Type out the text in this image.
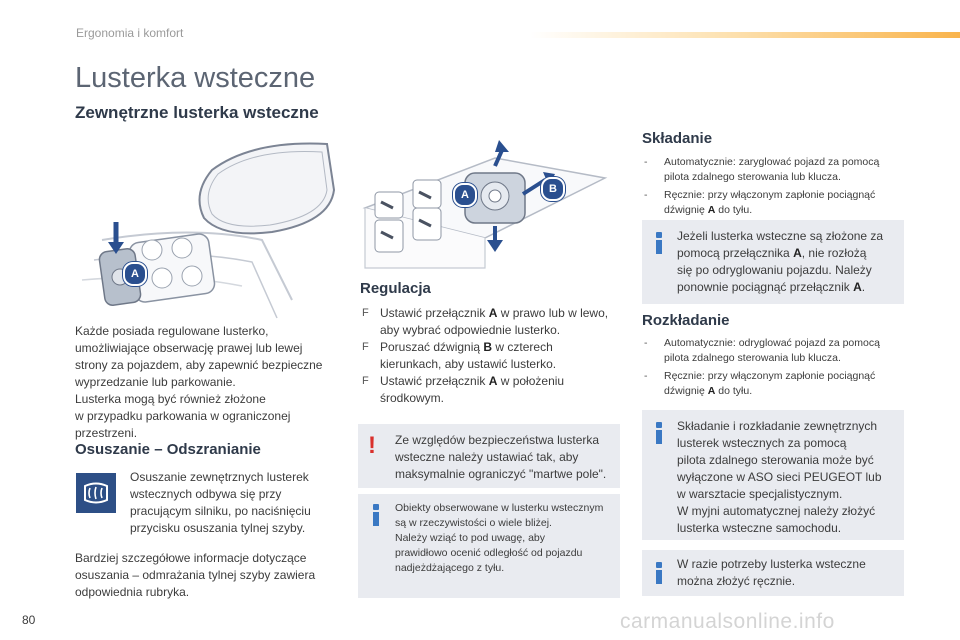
Ergonomia i komfort
Lusterka wsteczne
Zewnętrzne lusterka wsteczne
A
Każde posiada regulowane lusterko,
umożliwiające obserwację prawej lub lewej
strony za pojazdem, aby zapewnić bezpieczne
wyprzedzanie lub parkowanie.
Lusterka mogą być również złożone
w przypadku parkowania w ograniczonej
przestrzeni.
Osuszanie – Odszranianie
Osuszanie zewnętrznych lusterek
wstecznych odbywa się przy
pracującym silniku, po naciśnięciu
przycisku osuszania tylnej szyby.
Bardziej szczegółowe informacje dotyczące
osuszania – odmrażania tylnej szyby zawiera
odpowiednia rubryka.
A	B
Regulacja
F Ustawić przełącznik A w prawo lub w lewo,
aby wybrać odpowiednie lusterko.
F Poruszać dźwignią B w czterech
kierunkach, aby ustawić lusterko.
F Ustawić przełącznik A w położeniu
środkowym.
! Ze względów bezpieczeństwa lusterka
wsteczne należy ustawiać tak, aby
maksymalnie ograniczyć "martwe pole".
Obiekty obserwowane w lusterku wstecznym
są w rzeczywistości o wiele bliżej.
Należy wziąć to pod uwagę, aby
prawidłowo ocenić odległość od pojazdu
nadjeżdżającego z tyłu.
Składanie
- Automatycznie: zaryglować pojazd za pomocą
pilota zdalnego sterowania lub klucza.
- Ręcznie: przy włączonym zapłonie pociągnąć
dźwignię A do tyłu.
Jeżeli lusterka wsteczne są złożone za
pomocą przełącznika A, nie rozłożą
się po odryglowaniu pojazdu. Należy
ponownie pociągnąć przełącznik A.
Rozkładanie
- Automatycznie: odryglować pojazd za pomocą
pilota zdalnego sterowania lub klucza.
- Ręcznie: przy włączonym zapłonie pociągnąć
dźwignię A do tyłu.
Składanie i rozkładanie zewnętrznych
lusterek wstecznych za pomocą
pilota zdalnego sterowania może być
wyłączone w ASO sieci PEUGEOT lub
w warsztacie specjalistycznym.
W myjni automatycznej należy złożyć
lusterka wsteczne samochodu.
W razie potrzeby lusterka wsteczne
można złożyć ręcznie.
80	carmanualsonline.info
